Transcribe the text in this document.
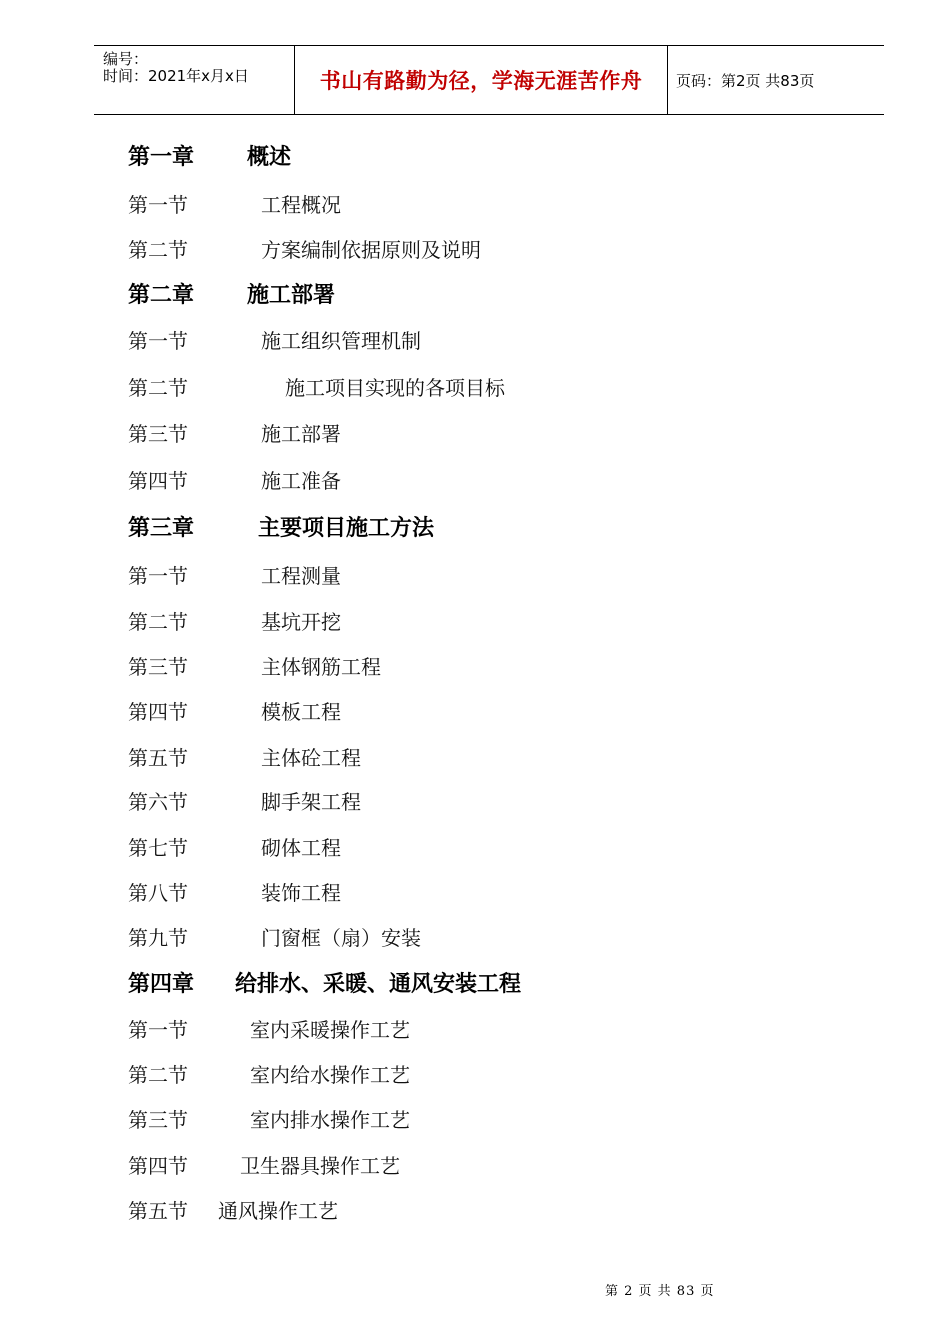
编号：
时间：2021年x月x日	书山有路勤为径，学海无涯苦作舟	页码：第2页 共83页
第一章 概述
第一节	工程概况
第二节	方案编制依据原则及说明
第二章 施工部署
第一节	施工组织管理机制
第二节	施工项目实现的各项目标
第三节	施工部署
第四节	施工准备
第三章	主要项目施工方法
第一节	工程测量
第二节	基坑开挖
第三节	主体钢筋工程
第四节	模板工程
第五节	主体砼工程
第六节	脚手架工程
第七节	砌体工程
第八节	装饰工程
第九节	门窗框（扇）安装
第四章 给排水、采暖、通风安装工程
第一节	室内采暖操作工艺
第二节	室内给水操作工艺
第三节	室内排水操作工艺
第四节	卫生器具操作工艺
第五节 通风操作工艺
第 2 页 共 83 页
